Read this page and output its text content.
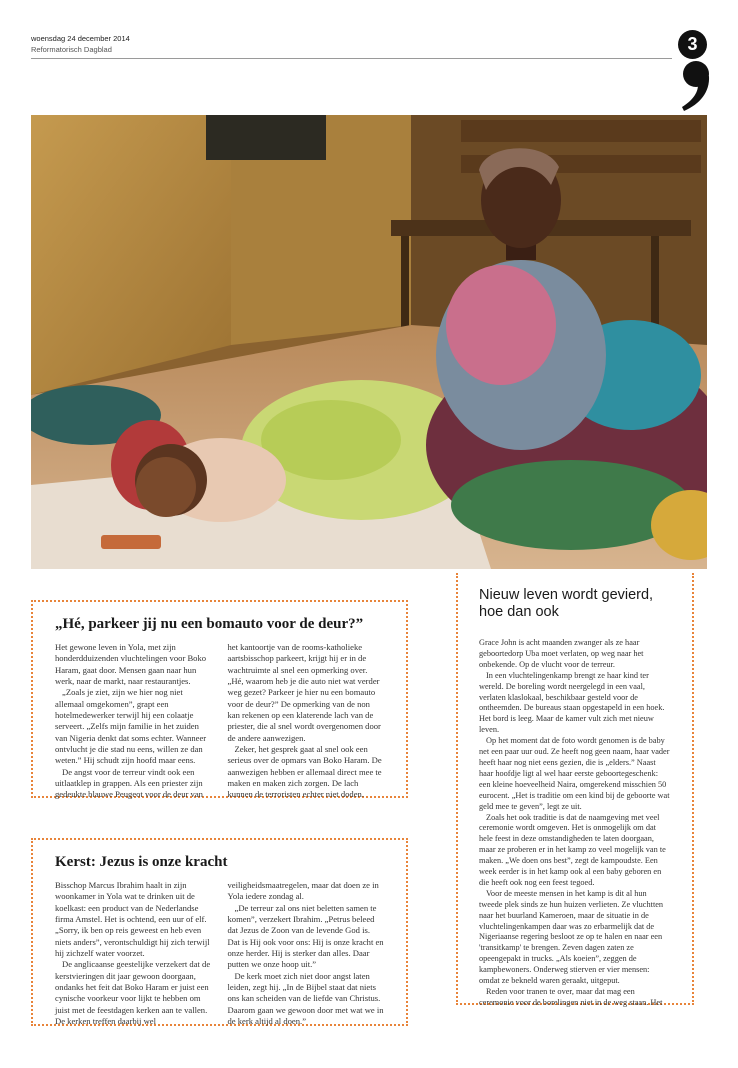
woensdag 24 december 2014
Reformatorisch Dagblad	3
„Hé, parkeer jij nu een bomauto voor de deur?”

Het gewone leven in Yola, met zijn honderdduizenden vluchtelingen voor Boko Haram, gaat door. Mensen gaan naar hun werk, naar de markt, naar restaurantjes.

„Zoals je ziet, zijn we hier nog niet allemaal omgekomen”, grapt een hotelmedewerker terwijl hij een colaatje serveert. „Zelfs mijn familie in het zuiden van Nigeria denkt dat soms echter. Wanneer ontvlucht je die stad nu eens, willen ze dan weten.” Hij schudt zijn hoofd maar eens.

De angst voor de terreur vindt ook een uitlaatklep in grappen. Als een priester zijn gedeukte blauwe Peugeot voor de deur van

het kantoortje van de rooms-katholieke aartsbisschop parkeert, krijgt hij er in de wachtruimte al snel een opmerking over. „Hé, waarom heb je die auto niet wat verder weg gezet? Parkeer je hier nu een bomauto voor de deur?” De opmerking van de non kan rekenen op een klaterende lach van de priester, die al snel wordt overgenomen door de andere aanwezigen.

Zeker, het gesprek gaat al snel ook een serieus over de opmars van Boko Haram. De aanwezigen hebben er allemaal direct mee te maken en maken zich zorgen. De lach kunnen de terroristen echter niet doden.

Kerst: Jezus is onze kracht

Bisschop Marcus Ibrahim haalt in zijn woonkamer in Yola wat te drinken uit de koelkast: een product van de Nederlandse firma Amstel. Het is ochtend, een uur of elf. „Sorry, ik ben op reis geweest en heb even niets anders”, verontschuldigt hij zich terwijl hij zichzelf water voorzet.

De anglicaanse geestelijke verzekert dat de kerstvieringen dit jaar gewoon doorgaan, ondanks het feit dat Boko Haram er juist een cynische voorkeur voor lijkt te hebben om juist met de feestdagen kerken aan te vallen. De kerken treffen daarbij wel

veiligheidsmaatregelen, maar dat doen ze in Yola iedere zondag al.

„De terreur zal ons niet beletten samen te komen”, verzekert Ibrahim. „Petrus beleed dat Jezus de Zoon van de levende God is. Dat is Hij ook voor ons: Hij is onze kracht en onze herder. Hij is sterker dan alles. Daar putten we onze hoop uit.”

De kerk moet zich niet door angst laten leiden, zegt hij. „In de Bijbel staat dat niets ons kan scheiden van de liefde van Christus. Daarom gaan we gewoon door met wat we in de kerk altijd al doen.”

Nieuw leven wordt gevierd, hoe dan ook

Grace John is acht maanden zwanger als ze haar geboortedorp Uba moet verlaten, op weg naar het onbekende. Op de vlucht voor de terreur.

In een vluchtelingenkamp brengt ze haar kind ter wereld. De boreling wordt neergelegd in een vaal, verlaten klaslokaal, beschikbaar gesteld voor de ontheemden. De bureaus staan opgestapeld in een hoek. Het bord is leeg. Maar de kamer vult zich met nieuw leven.

Op het moment dat de foto wordt genomen is de baby net een paar uur oud. Ze heeft nog geen naam, haar vader heeft haar nog niet eens gezien, die is „elders.” Naast haar hoofdje ligt al wel haar eerste geboortegeschenk: een kleine hoeveelheid Naira, omgerekend misschien 50 eurocent. „Het is traditie om een kind bij de geboorte wat geld mee te geven”, legt ze uit.

Zoals het ook traditie is dat de naamgeving met veel ceremonie wordt omgeven. Het is onmogelijk om dat hele feest in deze omstandigheden te laten doorgaan, maar ze proberen er in het kamp zo veel mogelijk van te maken. „We doen ons best”, zegt de kampoudste. Een week eerder is in het kamp ook al een baby geboren en die heeft ook nog een feest tegoed.

Voor de meeste mensen in het kamp is dit al hun tweede plek sinds ze hun huizen verlieten. Ze vluchtten naar het buurland Kameroen, maar de situatie in de vluchtelingenkampen daar was zo erbarmelijk dat de Nigeriaanse regering besloot ze op te halen en naar een 'transitkamp' te brengen. Zeven dagen zaten ze opeengepakt in trucks. „Als koeien”, zeggen de kampbewoners. Onderweg stierven er vier mensen: omdat ze bekneld waren geraakt, uitgeput.

Reden voor tranen te over, maar dat mag een ceremonie voor de borelingen niet in de weg staan. Het
